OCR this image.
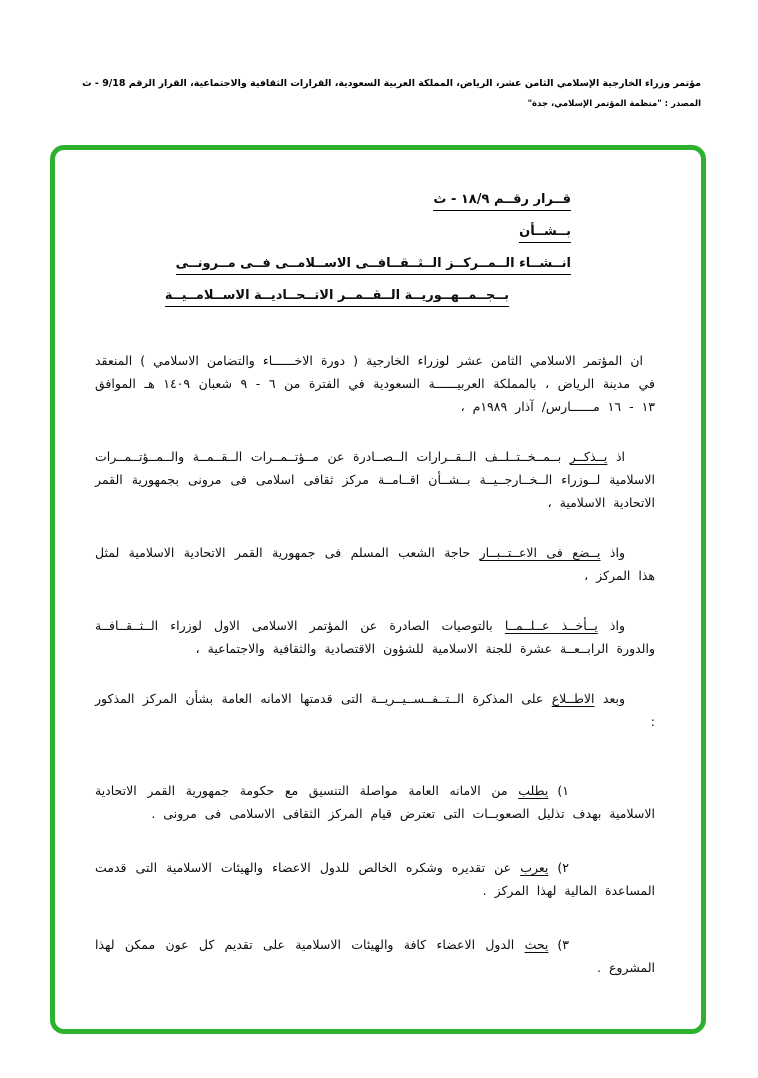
مؤتمر وزراء الخارجية الإسلامي الثامن عشر، الرياض، المملكة العربية السعودية، القرارات الثقافية والاجتماعية، القرار الرقم 9/18 - ث
المصدر : "منظمة المؤتمر الإسلامي، جدة"
قــرار رقــم ١٨/٩ - ث
بــشــأن
انــشــاء الــمــركــز الــثــقــافــى الاســلامــى فــى مــرونــى
بــجــمــهــوريــة الــقــمــر الاتــحــاديــة الاســلامــيــة

ان المؤتمر الاسلامي الثامن عشر لوزراء الخارجية ( دورة الاخــــــاء والتضامن الاسلامي ) المنعقد في مدينة الرياض ، بالمملكة العربيــــــة السعودية في الفترة من ٦ - ٩ شعبان ١٤٠٩ هـ الموافق ١٣ - ١٦ مــــــارس/ آذار ١٩٨٩م ،

اذ يــذكــر بــمــخــتــلــف الــقــرارات الــصــادرة عن مــؤتــمــرات الــقــمــة والــمــؤتــمــرات الاسلامية لــوزراء الــخــارجــيــة بــشــأن اقــامــة مركز ثقافى اسلامى فى مرونى بجمهورية القمر الاتحادية الاسلامية ،

واذ يــضع فى الاعــتــبــار حاجة الشعب المسلم فى جمهورية القمر الاتحادية الاسلامية لمثل هذا المركز ،

واذ يــأخــذ عــلــمــا بالتوصيات الصادرة عن المؤتمر الاسلامى الاول لوزراء الــثــقــافــة والدورة الرابــعــة عشرة للجنة الاسلامية للشؤون الاقتصادية والثقافية والاجتماعية ،

وبعد الاطــلاع على المذكرة الــتــفــســيــريــة التى قدمتها الامانه العامة بشأن المركز المذكور :

١)يطلب من الامانه العامة مواصلة التنسيق مع حكومة جمهورية القمر الاتحادية الاسلامية بهدف تذليل الصعوبــات التى تعترض قيام المركز الثقافى الاسلامى فى مرونى .
٢)يعرب عن تقديره وشكره الخالص للدول الاعضاء والهيئات الاسلامية التى قدمت المساعدة المالية لهذا المركز .
٣)يحث الدول الاعضاء كافة والهيئات الاسلامية على تقديم كل عون ممكن لهذا المشروع .
